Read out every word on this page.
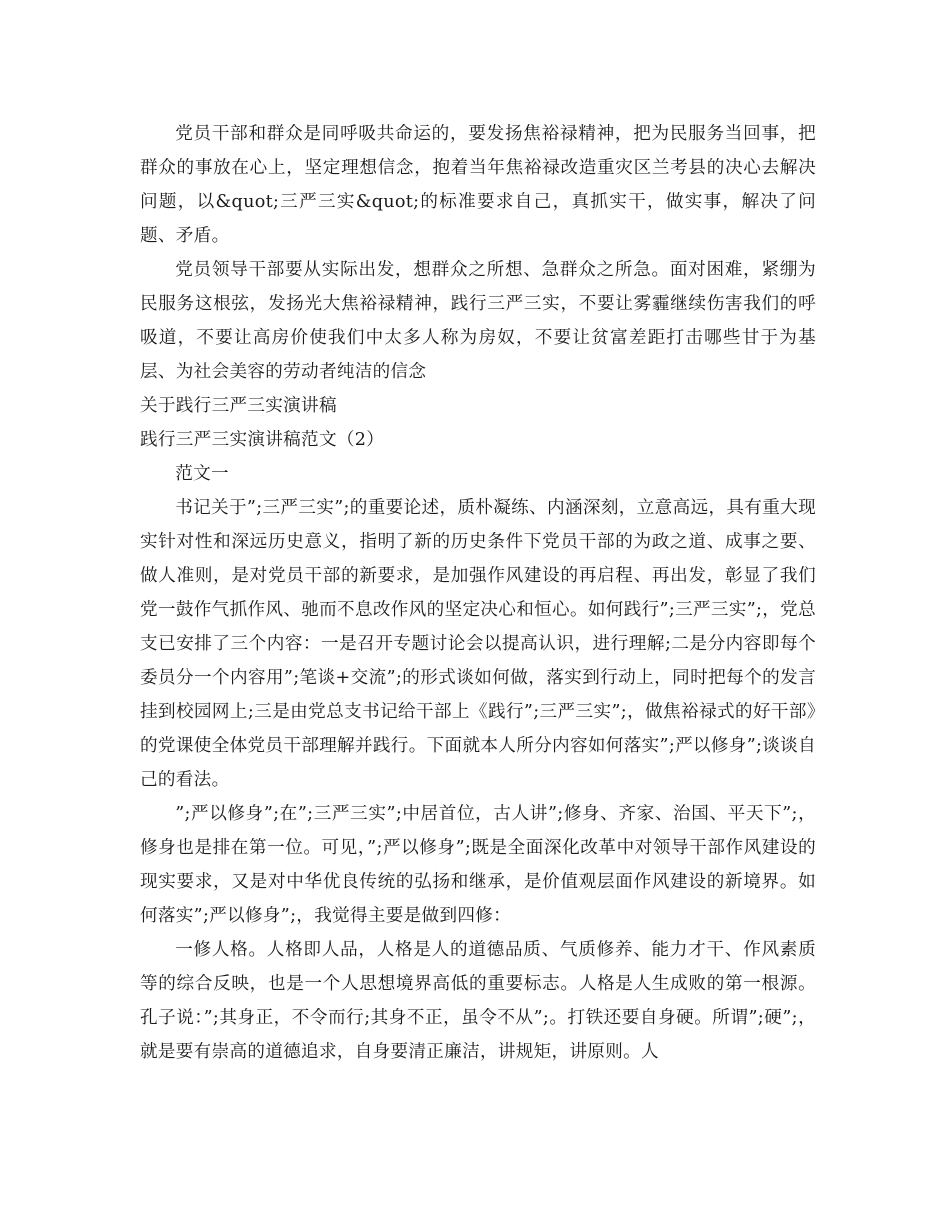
党员干部和群众是同呼吸共命运的，要发扬焦裕禄精神，把为民服务当回事，把群众的事放在心上，坚定理想信念，抱着当年焦裕禄改造重灾区兰考县的决心去解决问题，以&quot;三严三实&quot;的标准要求自己，真抓实干，做实事，解决了问题、矛盾。

党员领导干部要从实际出发，想群众之所想、急群众之所急。面对困难，紧绷为民服务这根弦，发扬光大焦裕禄精神，践行三严三实，不要让雾霾继续伤害我们的呼吸道，不要让高房价使我们中太多人称为房奴，不要让贫富差距打击哪些甘于为基层、为社会美容的劳动者纯洁的信念

关于践行三严三实演讲稿

践行三严三实演讲稿范文（2）

范文一

书记关于”;三严三实”;的重要论述，质朴凝练、内涵深刻，立意高远，具有重大现实针对性和深远历史意义，指明了新的历史条件下党员干部的为政之道、成事之要、做人准则，是对党员干部的新要求，是加强作风建设的再启程、再出发，彰显了我们党一鼓作气抓作风、驰而不息改作风的坚定决心和恒心。如何践行”;三严三实”;，党总支已安排了三个内容：一是召开专题讨论会以提高认识，进行理解;二是分内容即每个委员分一个内容用”;笔谈+交流”;的形式谈如何做，落实到行动上，同时把每个的发言挂到校园网上;三是由党总支书记给干部上《践行”;三严三实”;，做焦裕禄式的好干部》的党课使全体党员干部理解并践行。下面就本人所分内容如何落实”;严以修身”;谈谈自己的看法。

”;严以修身”;在”;三严三实”;中居首位，古人讲”;修身、齐家、治国、平天下”;，修身也是排在第一位。可见，”;严以修身”;既是全面深化改革中对领导干部作风建设的现实要求，又是对中华优良传统的弘扬和继承，是价值观层面作风建设的新境界。如何落实”;严以修身”;，我觉得主要是做到四修：

一修人格。人格即人品，人格是人的道德品质、气质修养、能力才干、作风素质等的综合反映，也是一个人思想境界高低的重要标志。人格是人生成败的第一根源。孔子说：”;其身正，不令而行;其身不正，虽令不从”;。打铁还要自身硬。所谓”;硬”;，就是要有崇高的道德追求，自身要清正廉洁，讲规矩，讲原则。人
